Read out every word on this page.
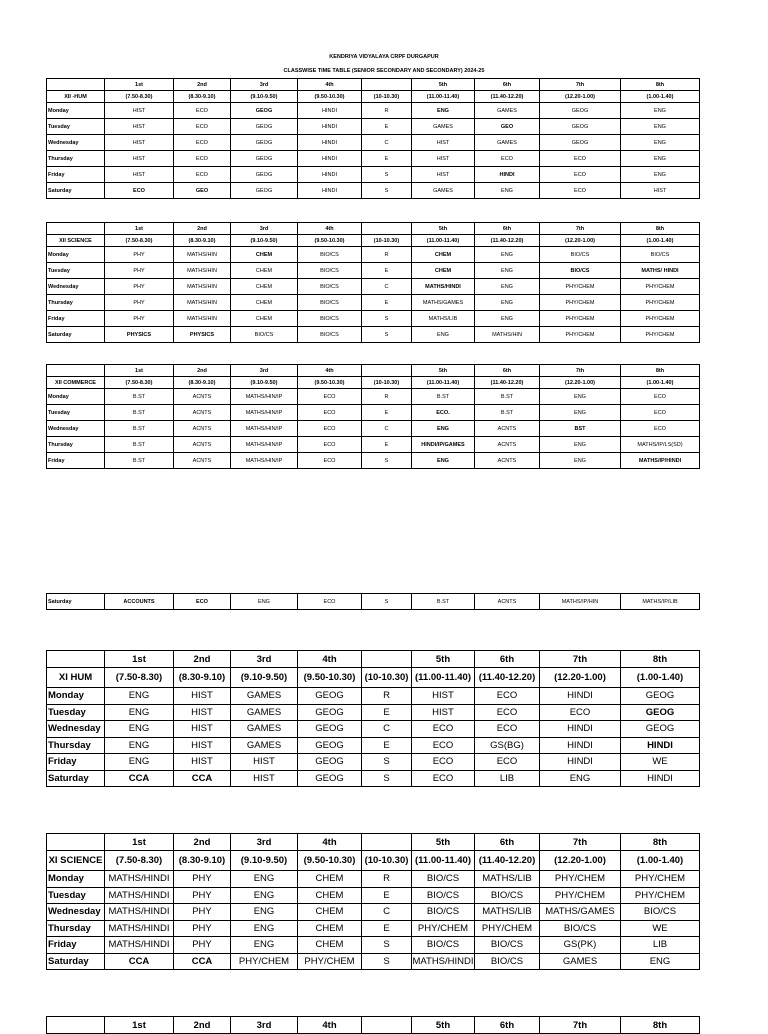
KENDRIYA VIDYALAYA CRPF DURGAPUR
CLASSWISE TIME TABLE (SENIOR SECONDARY AND SECONDARY) 2024-25
	1st	2nd	3rd	4th		5th	6th	7th	8th
XII -HUM	(7.50-8.30)	(8.30-9.10)	(9.10-9.50)	(9.50-10.30)	(10-10.30)	(11.00-11.40)	(11.40-12.20)	(12.20-1.00)	(1.00-1.40)
Monday	HIST	ECO	GEOG	HINDI	R	ENG	GAMES	GEOG	ENG
Tuesday	HIST	ECO	GEOG	HINDI	E	GAMES	GEO	GEOG	ENG
Wednesday	HIST	ECO	GEOG	HINDI	C	HIST	GAMES	GEOG	ENG
Thursday	HIST	ECO	GEOG	HINDI	E	HIST	ECO	ECO	ENG
Friday	HIST	ECO	GEOG	HINDI	S	HIST	HINDI	ECO	ENG
Saturday	ECO	GEO	GEOG	HINDI	S	GAMES	ENG	ECO	HIST
	1st	2nd	3rd	4th		5th	6th	7th	8th
XII SCIENCE	(7.50-8.30)	(8.30-9.10)	(9.10-9.50)	(9.50-10.30)	(10-10.30)	(11.00-11.40)	(11.40-12.20)	(12.20-1.00)	(1.00-1.40)
Monday	PHY	MATHS/HIN	CHEM	BIO/CS	R	CHEM	ENG	BIO/CS	BIO/CS
Tuesday	PHY	MATHS/HIN	CHEM	BIO/CS	E	CHEM	ENG	BIO/CS	MATHS/ HINDI
Wednesday	PHY	MATHS/HIN	CHEM	BIO/CS	C	MATHS/HINDI	ENG	PHY/CHEM	PHY/CHEM
Thursday	PHY	MATHS/HIN	CHEM	BIO/CS	E	MATHS/GAMES	ENG	PHY/CHEM	PHY/CHEM
Friday	PHY	MATHS/HIN	CHEM	BIO/CS	S	MATHS/LIB	ENG	PHY/CHEM	PHY/CHEM
Saturday	PHYSICS	PHYSICS	BIO/CS	BIO/CS	S	ENG	MATHS/HIN	PHY/CHEM	PHY/CHEM
	1st	2nd	3rd	4th		5th	6th	7th	8th
XII COMMERCE	(7.50-8.30)	(8.30-9.10)	(9.10-9.50)	(9.50-10.30)	(10-10.30)	(11.00-11.40)	(11.40-12.20)	(12.20-1.00)	(1.00-1.40)
Monday	B.ST	ACNTS	MATHS/HIN/IP	ECO	R	B.ST	B.ST	ENG	ECO
Tuesday	B.ST	ACNTS	MATHS/HIN/IP	ECO	E	ECO.	B.ST	ENG	ECO
Wednesday	B.ST	ACNTS	MATHS/HIN/IP	ECO	C	ENG	ACNTS	BST	ECO
Thursday	B.ST	ACNTS	MATHS/HIN/IP	ECO	E	HINDI/IP/GAMES	ACNTS	ENG	MATHS/IP/LS(SD)
Friday	B.ST	ACNTS	MATHS/HIN/IP	ECO	S	ENG	ACNTS	ENG	MATHS/IP/HINDI
Saturday	ACCOUNTS	ECO	ENG	ECO	S	B.ST	ACNTS	MATHS/IP/HIN	MATHS/IP/LIB
	1st	2nd	3rd	4th		5th	6th	7th	8th
XI HUM	(7.50-8.30)	(8.30-9.10)	(9.10-9.50)	(9.50-10.30)	(10-10.30)	(11.00-11.40)	(11.40-12.20)	(12.20-1.00)	(1.00-1.40)
Monday	ENG	HIST	GAMES	GEOG	R	HIST	ECO	HINDI	GEOG
Tuesday	ENG	HIST	GAMES	GEOG	E	HIST	ECO	ECO	GEOG
Wednesday	ENG	HIST	GAMES	GEOG	C	ECO	ECO	HINDI	GEOG
Thursday	ENG	HIST	GAMES	GEOG	E	ECO	GS(BG)	HINDI	HINDI
Friday	ENG	HIST	HIST	GEOG	S	ECO	ECO	HINDI	WE
Saturday	CCA	CCA	HIST	GEOG	S	ECO	LIB	ENG	HINDI
	1st	2nd	3rd	4th		5th	6th	7th	8th
XI SCIENCE	(7.50-8.30)	(8.30-9.10)	(9.10-9.50)	(9.50-10.30)	(10-10.30)	(11.00-11.40)	(11.40-12.20)	(12.20-1.00)	(1.00-1.40)
Monday	MATHS/HINDI	PHY	ENG	CHEM	R	BIO/CS	MATHS/LIB	PHY/CHEM	PHY/CHEM
Tuesday	MATHS/HINDI	PHY	ENG	CHEM	E	BIO/CS	BIO/CS	PHY/CHEM	PHY/CHEM
Wednesday	MATHS/HINDI	PHY	ENG	CHEM	C	BIO/CS	MATHS/LIB	MATHS/GAMES	BIO/CS
Thursday	MATHS/HINDI	PHY	ENG	CHEM	E	PHY/CHEM	PHY/CHEM	BIO/CS	WE
Friday	MATHS/HINDI	PHY	ENG	CHEM	S	BIO/CS	BIO/CS	GS(PK)	LIB
Saturday	CCA	CCA	PHY/CHEM	PHY/CHEM	S	MATHS/HINDI	BIO/CS	GAMES	ENG
	1st	2nd	3rd	4th		5th	6th	7th	8th
